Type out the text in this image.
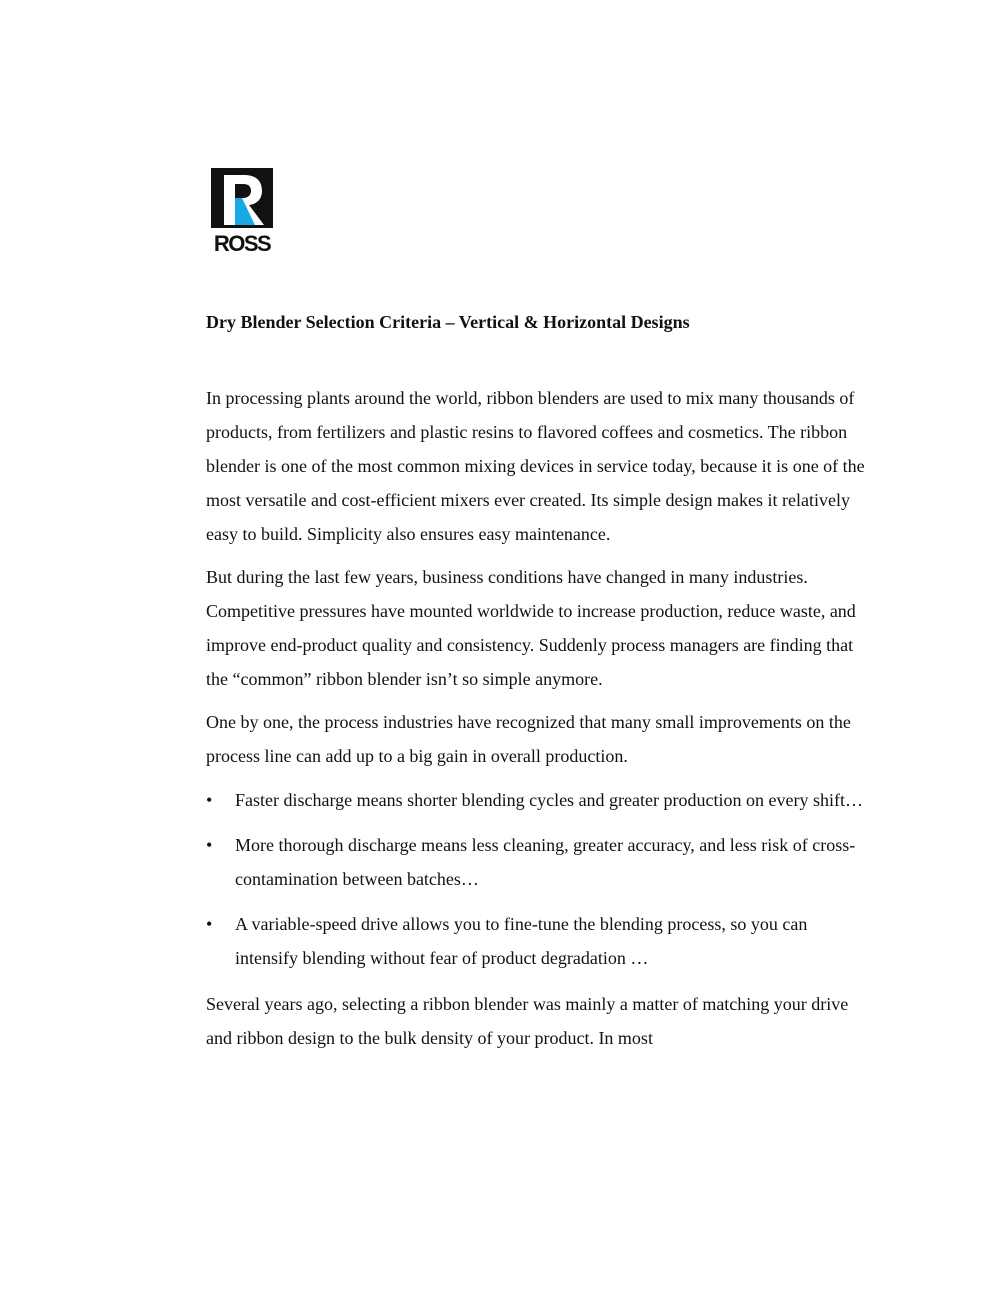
ROSS
Dry Blender Selection Criteria – Vertical & Horizontal Designs

In processing plants around the world, ribbon blenders are used to mix many thousands of products, from fertilizers and plastic resins to flavored coffees and cosmetics. The ribbon blender is one of the most common mixing devices in service today, because it is one of the most versatile and cost-efficient mixers ever created. Its simple design makes it relatively easy to build. Simplicity also ensures easy maintenance.

But during the last few years, business conditions have changed in many industries. Competitive pressures have mounted worldwide to increase production, reduce waste, and improve end-product quality and consistency. Suddenly process managers are finding that the “common” ribbon blender isn’t so simple anymore.

One by one, the process industries have recognized that many small improvements on the process line can add up to a big gain in overall production.

• Faster discharge means shorter blending cycles and greater production on every shift…
• More thorough discharge means less cleaning, greater accuracy, and less risk of cross-contamination between batches…
• A variable-speed drive allows you to fine-tune the blending process, so you can intensify blending without fear of product degradation …

Several years ago, selecting a ribbon blender was mainly a matter of matching your drive and ribbon design to the bulk density of your product. In most
